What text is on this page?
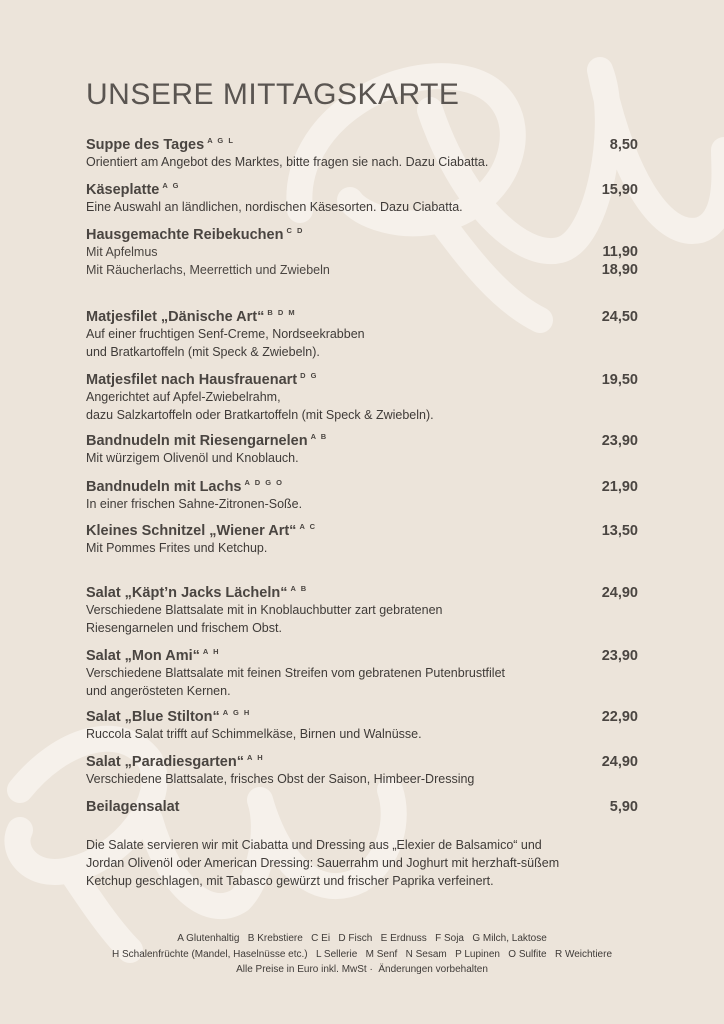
UNSERE MITTAGSKARTE
Suppe des Tages $^{A G L}$	8,50
Orientiert am Angebot des Marktes, bitte fragen sie nach. Dazu Ciabatta.
Käseplatte $^{A G}$	15,90
Eine Auswahl an ländlichen, nordischen Käsesorten. Dazu Ciabatta.
Hausgemachte Reibekuchen $^{C D}$
Mit Apfelmus	11,90
Mit Räucherlachs, Meerrettich und Zwiebeln	18,90
Matjesfilet „Dänische Art“ $^{B D M}$	24,50
Auf einer fruchtigen Senf-Creme, Nordseekrabben
und Bratkartoffeln (mit Speck & Zwiebeln).
Matjesfilet nach Hausfrauenart $^{D G}$	19,50
Angerichtet auf Apfel-Zwiebelrahm,
dazu Salzkartoffeln oder Bratkartoffeln (mit Speck & Zwiebeln).
Bandnudeln mit Riesengarnelen $^{A B}$	23,90
Mit würzigem Olivenöl und Knoblauch.
Bandnudeln mit Lachs $^{A D G O}$	21,90
In einer frischen Sahne-Zitronen-Soße.
Kleines Schnitzel „Wiener Art“ $^{A C}$	13,50
Mit Pommes Frites und Ketchup.
Salat „Käpt’n Jacks Lächeln“ $^{A B}$	24,90
Verschiedene Blattsalate mit in Knoblauchbutter zart gebratenen
Riesengarnelen und frischem Obst.
Salat „Mon Ami“ $^{A H}$	23,90
Verschiedene Blattsalate mit feinen Streifen vom gebratenen Putenbrustfilet
und angerösteten Kernen.
Salat „Blue Stilton“ $^{A G H}$	22,90
Ruccola Salat trifft auf Schimmelkäse, Birnen und Walnüsse.
Salat „Paradiesgarten“ $^{A H}$	24,90
Verschiedene Blattsalate, frisches Obst der Saison, Himbeer-Dressing
Beilagensalat	5,90
Die Salate servieren wir mit Ciabatta und Dressing aus „Elexier de Balsamico“ und
Jordan Olivenöl oder American Dressing: Sauerrahm und Joghurt mit herzhaft-süßem
Ketchup geschlagen, mit Tabasco gewürzt und frischer Paprika verfeinert.
A Glutenhaltig   B Krebstiere   C Ei   D Fisch   E Erdnuss   F Soja   G Milch, Laktose
H Schalenfrüchte (Mandel, Haselnüsse etc.)   L Sellerie   M Senf   N Sesam   P Lupinen   O Sulfite   R Weichtiere
Alle Preise in Euro inkl. MwSt ·  Änderungen vorbehalten
